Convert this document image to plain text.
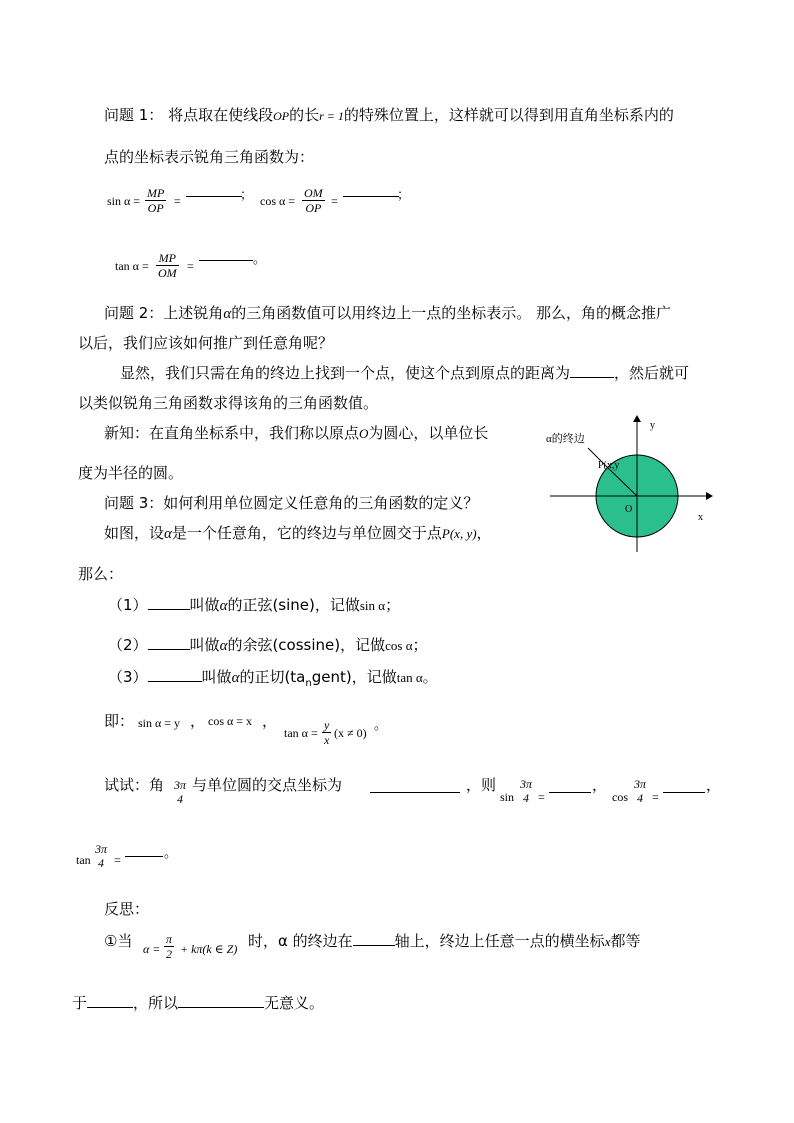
问题 1： 将点取在使线段OP的长r = 1的特殊位置上，这样就可以得到用直角坐标系内的
点的坐标表示锐角三角函数为：
$\sin \alpha = \frac{MP}{OP}$ =	； $\cos \alpha = \frac{OM}{OP}$ =	；
$\tan \alpha = \frac{MP}{OM}$ =	。
问题 2：上述锐角α的三角函数值可以用终边上一点的坐标表示。 那么，角的概念推广
以后，我们应该如何推广到任意角呢？
显然，我们只需在角的终边上找到一个点，使这个点到原点的距离为	，然后就可
以类似锐角三角函数求得该角的三角函数值。
新知：在直角坐标系中，我们称以原点O为圆心，以单位长
度为半径的圆。
问题 3：如何利用单位圆定义任意角的三角函数的定义？
如图，设α是一个任意角，它的终边与单位圆交于点P(x, y)，
那么：
（1）	叫做α的正弦(sine)，记做sin α；
（2）	叫做α的余弦(cossine)，记做cos α；
（3）	叫做α的正切$(ta_ngent)$，记做tan α。
即： sin α = y ， cos α = x ，
$\tan \alpha = \frac{y}{x} (x \ne 0)$ 。
试试：角 3π
4
与单位圆的交点坐标为	，则
sin
3π
4 =
，
cos
3π
4 =
，
tan
3π
4 =	。
反思：
①当 $\alpha = \frac{\pi}{2} + k\pi(k$ ∈ Z) 时，α 的终边在	轴上，终边上任意一点的横坐标x都等
于	，所以	无意义。
α的终边
P(x,y
O
x
y
